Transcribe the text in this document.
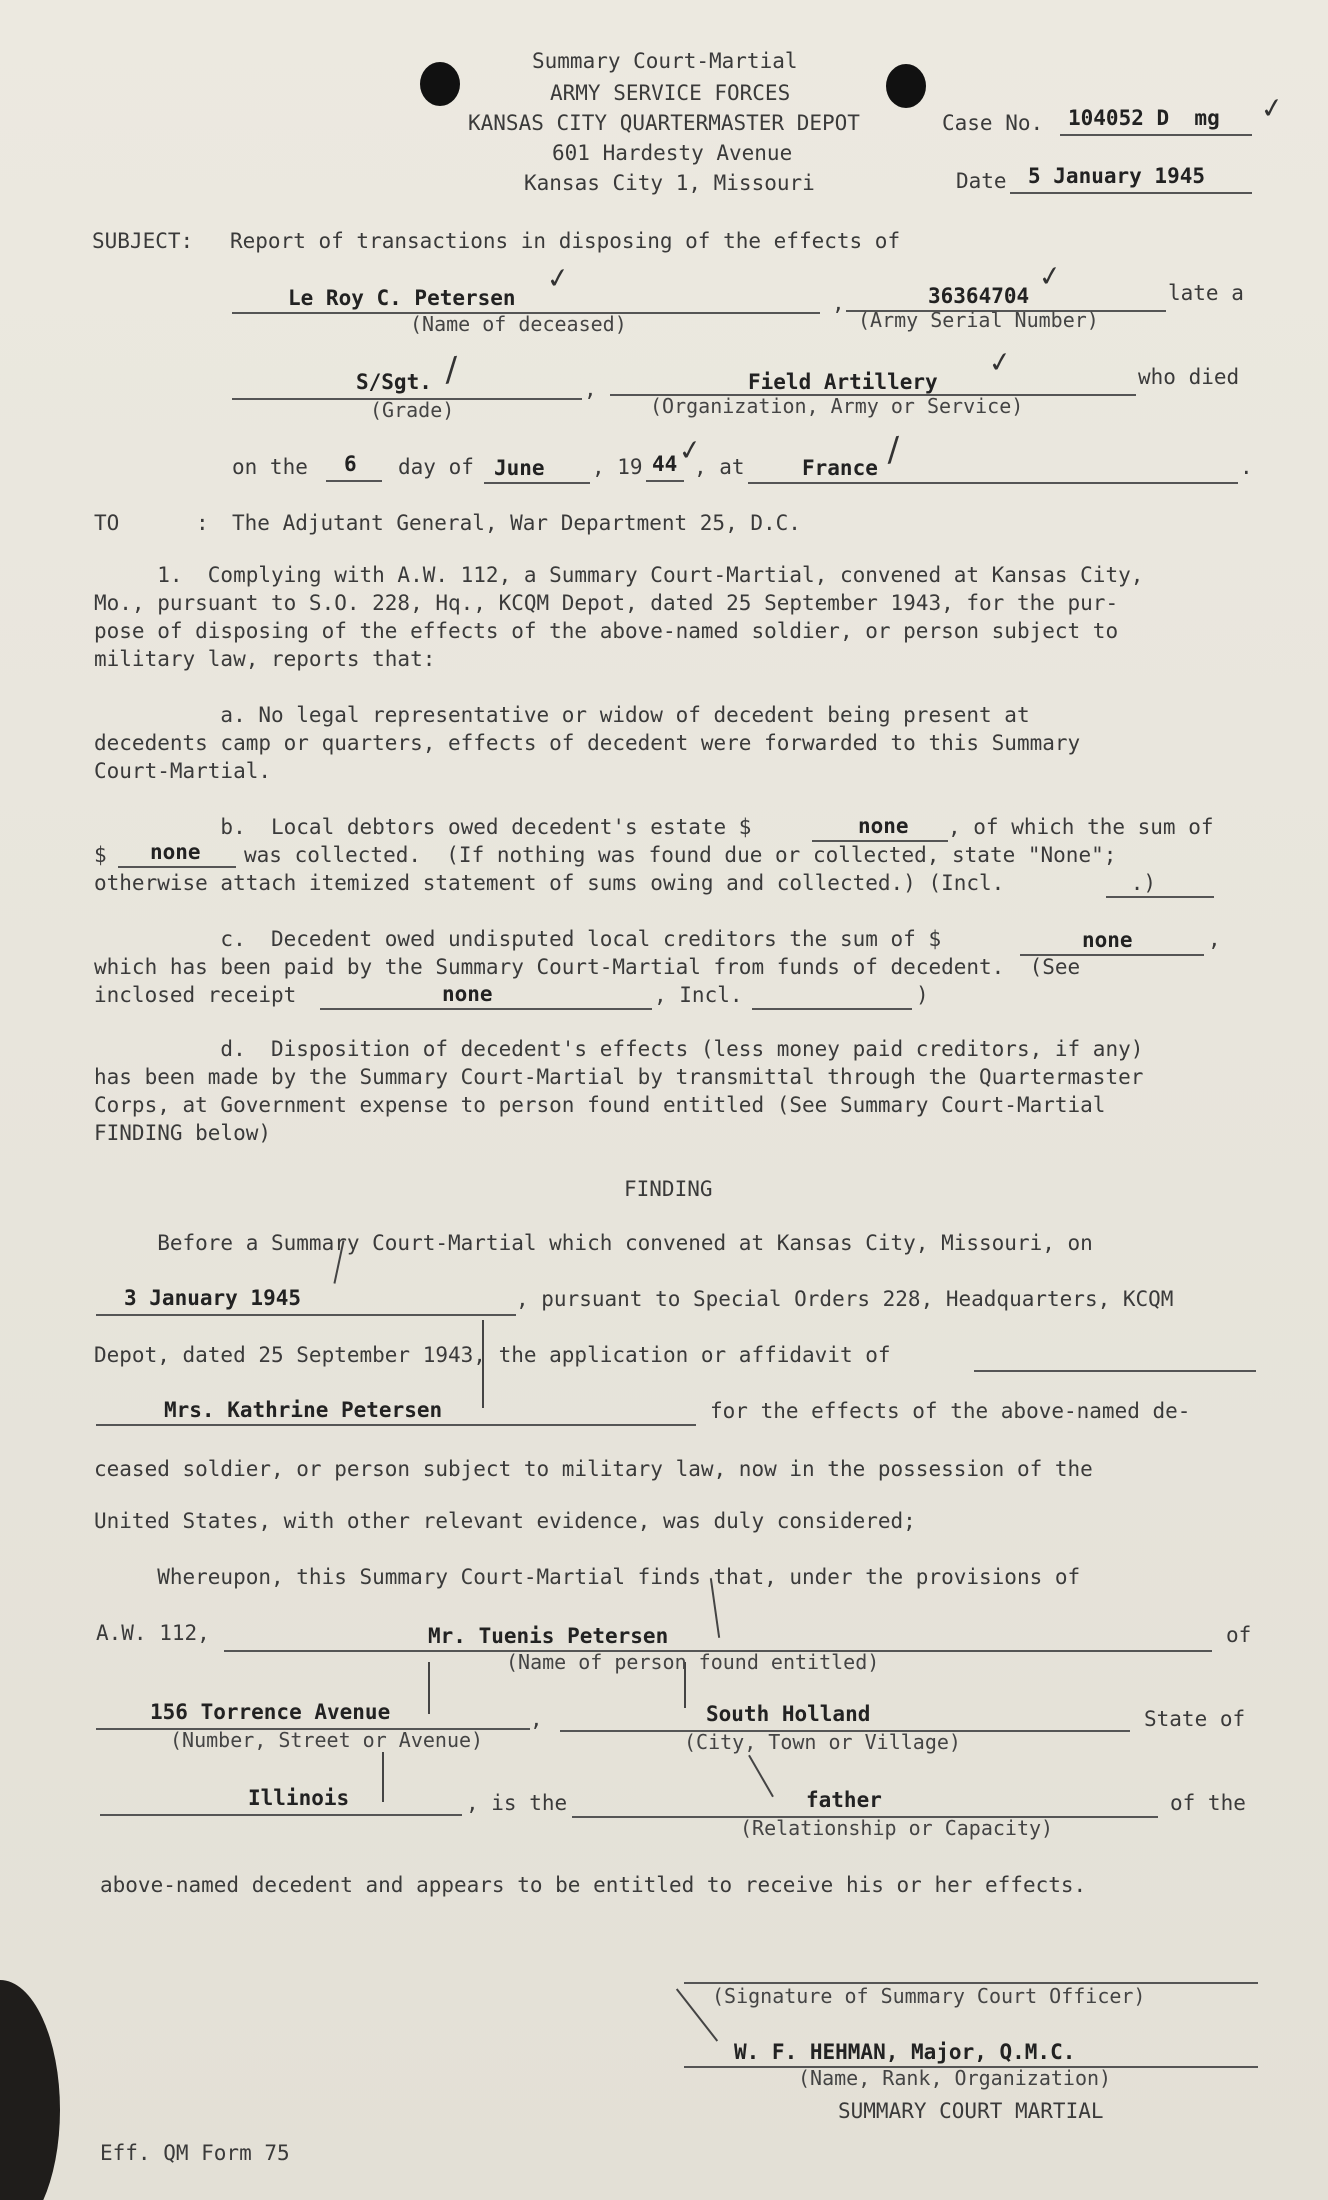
Summary Court-Martial
ARMY SERVICE FORCES
KANSAS CITY QUARTERMASTER DEPOT
601 Hardesty Avenue
Kansas City 1, Missouri
Case No. 104052 D  mg ✓
Date 5 January 1945
SUBJECT: Report of transactions in disposing of the effects of
Le Roy C. Petersen
✓
(Name of deceased)
,	36364704
✓
(Army Serial Number)
late a
S/Sgt. /
(Grade)
,	Field Artillery
✓
(Organization, Army or Service)
who died
on the 6 day of June , 19 44 ✓
, at	France /	.
TO	: The Adjutant General, War Department 25, D.C.
1.  Complying with A.W. 112, a Summary Court-Martial, convened at Kansas City,
Mo., pursuant to S.O. 228, Hq., KCQM Depot, dated 25 September 1943, for the pur-
pose of disposing of the effects of the above-named soldier, or person subject to
military law, reports that:
a. No legal representative or widow of decedent being present at
decedents camp or quarters, effects of decedent were forwarded to this Summary
Court-Martial.
b.  Local debtors owed decedent's estate $	none , of which the sum of
$ none was collected.  (If nothing was found due or collected, state "None";
otherwise attach itemized statement of sums owing and collected.) (Incl.          .)
c.  Decedent owed undisputed local creditors the sum of $	none	,
which has been paid by the Summary Court-Martial from funds of decedent.  (See
inclosed receipt	none	, Incl.	)
d.  Disposition of decedent's effects (less money paid creditors, if any)
has been made by the Summary Court-Martial by transmittal through the Quartermaster
Corps, at Government expense to person found entitled (See Summary Court-Martial
FINDING below)
FINDING
Before a Summary Court-Martial which convened at Kansas City, Missouri, on
3 January 1945	, pursuant to Special Orders 228, Headquarters, KCQM
Depot, dated 25 September 1943, the application or affidavit of
Mrs. Kathrine Petersen	for the effects of the above-named de-
ceased soldier, or person subject to military law, now in the possession of the
United States, with other relevant evidence, was duly considered;
Whereupon, this Summary Court-Martial finds that, under the provisions of
A.W. 112,	Mr. Tuenis Petersen	of
(Name of person found entitled)
156 Torrence Avenue
(Number, Street or Avenue)
,	South Holland
(City, Town or Village)
State of
Illinois	, is the	father
(Relationship or Capacity)
of the
above-named decedent and appears to be entitled to receive his or her effects.
(Signature of Summary Court Officer)
W. F. HEHMAN, Major, Q.M.C.
(Name, Rank, Organization)
SUMMARY COURT MARTIAL
Eff. QM Form 75
